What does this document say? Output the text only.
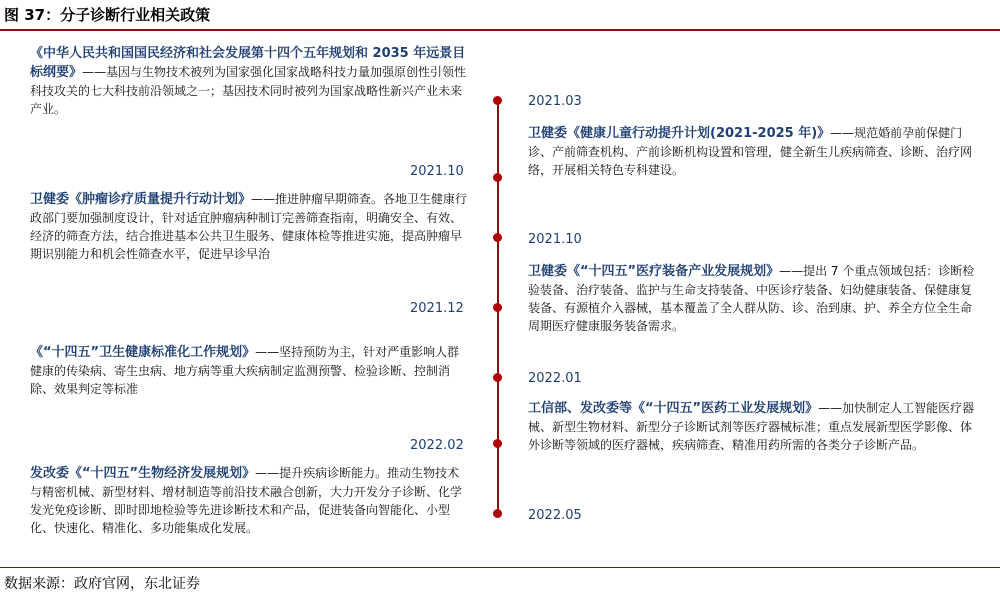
图 37：分子诊断行业相关政策
2021.03
2021.10
2021.10
2021.12
2022.01
2022.02
2022.05
《中华人民共和国国民经济和社会发展第十四个五年规划和 2035 年远景目标纲要》——基因与生物技术被列为国家强化国家战略科技力量加强原创性引领性科技攻关的七大科技前沿领域之一；基因技术同时被列为国家战略性新兴产业未来产业。
卫健委《肿瘤诊疗质量提升行动计划》——推进肿瘤早期筛查。各地卫生健康行政部门要加强制度设计，针对适宜肿瘤病种制订完善筛查指南，明确安全、有效、经济的筛查方法，结合推进基本公共卫生服务、健康体检等推进实施，提高肿瘤早期识别能力和机会性筛查水平，促进早诊早治
《“十四五”卫生健康标准化工作规划》——坚持预防为主，针对严重影响人群健康的传染病、寄生虫病、地方病等重大疾病制定监测预警、检验诊断、控制消除、效果判定等标准
发改委《“十四五”生物经济发展规划》——提升疾病诊断能力。推动生物技术与精密机械、新型材料、增材制造等前沿技术融合创新，大力开发分子诊断、化学发光免疫诊断、即时即地检验等先进诊断技术和产品，促进装备向智能化、小型化、快速化、精准化、多功能集成化发展。
卫健委《健康儿童行动提升计划(2021-2025 年)》——规范婚前孕前保健门诊、产前筛查机构、产前诊断机构设置和管理，健全新生儿疾病筛查、诊断、治疗网络，开展相关特色专科建设。
卫健委《“十四五”医疗装备产业发展规划》——提出 7 个重点领域包括：诊断检验装备、治疗装备、监护与生命支持装备、中医诊疗装备、妇幼健康装备、保健康复装备、有源植介入器械，基本覆盖了全人群从防、诊、治到康、护、养全方位全生命周期医疗健康服务装备需求。
工信部、发改委等《“十四五”医药工业发展规划》——加快制定人工智能医疗器械、新型生物材料、新型分子诊断试剂等医疗器械标准；重点发展新型医学影像、体外诊断等领域的医疗器械，疾病筛查、精准用药所需的各类分子诊断产品。
数据来源：政府官网，东北证券
